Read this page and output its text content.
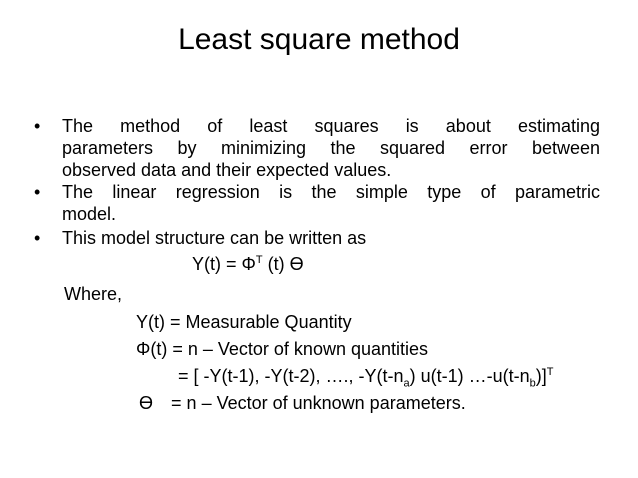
Least square method
• The method of least squares is about estimating
parameters by minimizing the squared error between
observed data and their expected values.
• The linear regression is the simple type of parametric
model.
• This model structure can be written as
$Y(t) = \Phi^T$ (t) Ɵ
Where,
Y(t) = Measurable Quantity
Φ(t) = n – Vector of known quantities
= [ -Y(t-1), -Y(t-2), …., $-Y(t-n_a)$ u(t-1) $\dots-u(t-n_b)]^T$
Ɵ = n – Vector of unknown parameters.
